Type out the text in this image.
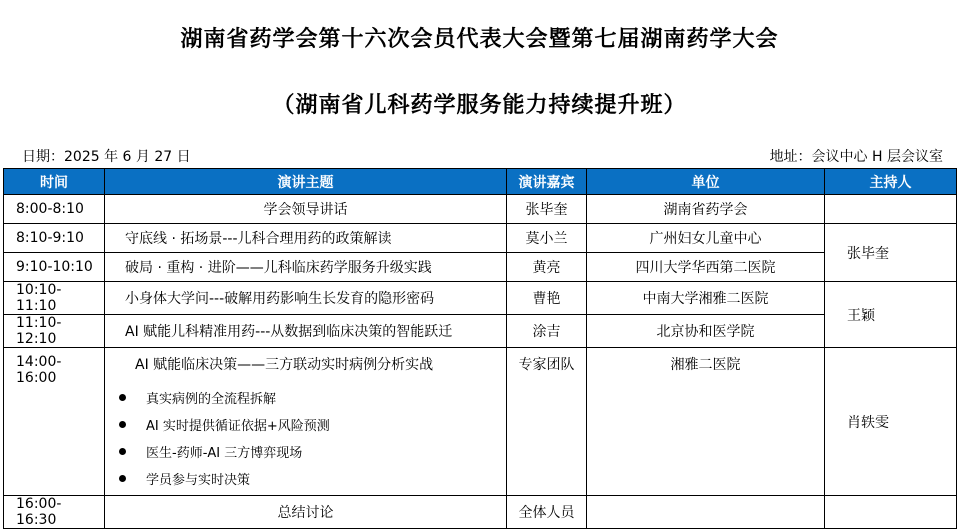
湖南省药学会第十六次会员代表大会暨第七届湖南药学大会
（湖南省儿科药学服务能力持续提升班）
日期：2025 年 6 月 27 日	地址：会议中心 H 层会议室
时间	演讲主题	演讲嘉宾	单位	主持人
8:00-8:10	学会领导讲话	张毕奎	湖南省药学会	
8:10-9:10	守底线 · 拓场景---儿科合理用药的政策解读	莫小兰	广州妇女儿童中心	张毕奎
9:10-10:10	破局 · 重构 · 进阶——儿科临床药学服务升级实践	黄亮	四川大学华西第二医院	
10:10-11:10	小身体大学问---破解用药影响生长发育的隐形密码	曹艳	中南大学湘雅二医院	王颖
11:10-12:10	AI 赋能儿科精准用药---从数据到临床决策的智能跃迁	涂吉	北京协和医学院	
14:00-16:00	AI 赋能临床决策——三方联动实时病例分析实战
真实病例的全流程拆解
AI 实时提供循证依据+风险预测
医生-药师-AI 三方博弈现场
学员参与实时决策	专家团队	湘雅二医院	肖轶雯
16:00-16:30	总结讨论	全体人员		
